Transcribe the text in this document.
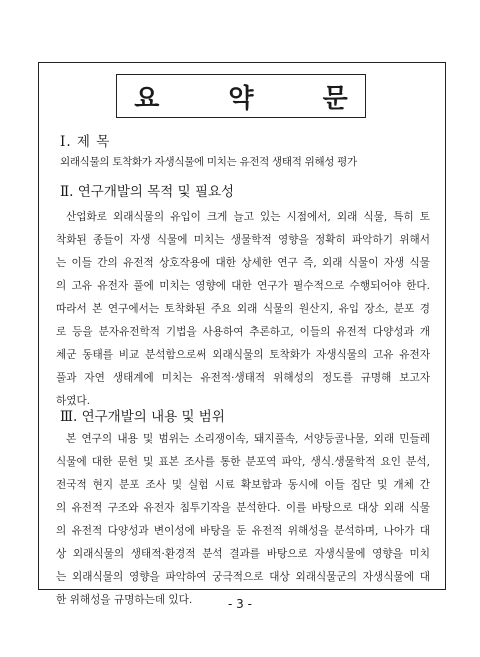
요 약 문
Ⅰ. 제 목
외래식물의 토착화가 자생식물에 미치는 유전적 생태적 위해성 평가
Ⅱ. 연구개발의 목적 및 필요성

산업화로 외래식물의 유입이 크게 늘고 있는 시점에서, 외래 식물, 특히 토
착화된 종들이 자생 식물에 미치는 생물학적 영향을 정확히 파악하기 위해서
는 이들 간의 유전적 상호작용에 대한 상세한 연구 즉, 외래 식물이 자생 식물
의 고유 유전자 풀에 미치는 영향에 대한 연구가 필수적으로 수행되어야 한다.
따라서 본 연구에서는 토착화된 주요 외래 식물의 원산지, 유입 장소, 분포 경
로 등을 분자유전학적 기법을 사용하여 추론하고, 이들의 유전적 다양성과 개
체군 동태를 비교 분석함으로써 외래식물의 토착화가 자생식물의 고유 유전자
풀과 자연 생태계에 미치는 유전적·생태적 위해성의 정도를 규명해 보고자
하였다.

Ⅲ. 연구개발의 내용 및 범위

본 연구의 내용 및 범위는 소리쟁이속, 돼지풀속, 서양등골나물, 외래 민들레
식물에 대한 문헌 및 표본 조사를 통한 분포역 파악, 생식.생물학적 요인 분석,
전국적 현지 분포 조사 및 실험 시료 확보함과 동시에 이들 집단 및 개체 간
의 유전적 구조와 유전자 침투기작을 분석한다. 이를 바탕으로 대상 외래 식물
의 유전적 다양성과 변이성에 바탕을 둔 유전적 위해성을 분석하며, 나아가 대
상 외래식물의 생태적·환경적 분석 결과를 바탕으로 자생식물에 영향을 미치
는 외래식물의 영향을 파악하여 궁극적으로 대상 외래식물군의 자생식물에 대
한 위해성을 규명하는데 있다.	- 3 -
